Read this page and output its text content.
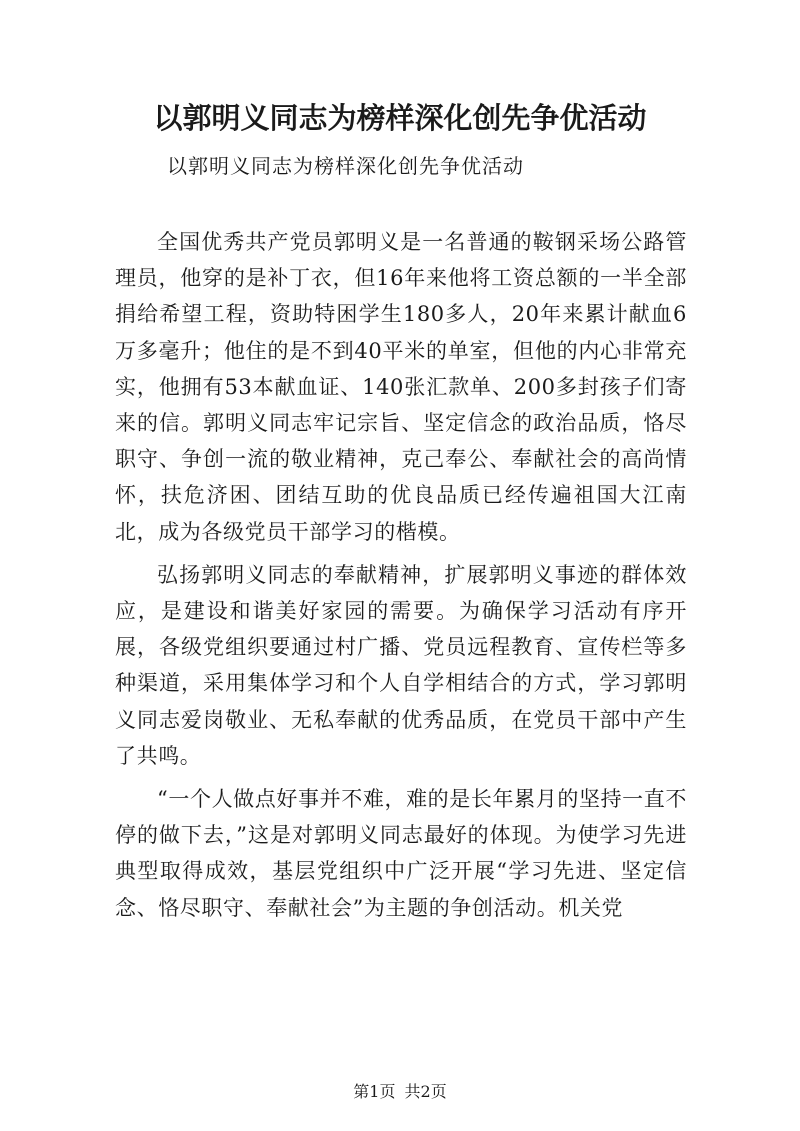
以郭明义同志为榜样深化创先争优活动

以郭明义同志为榜样深化创先争优活动

全国优秀共产党员郭明义是一名普通的鞍钢采场公路管理员，他穿的是补丁衣，但16年来他将工资总额的一半全部捐给希望工程，资助特困学生180多人，20年来累计献血6万多毫升；他住的是不到40平米的单室，但他的内心非常充实，他拥有53本献血证、140张汇款单、200多封孩子们寄来的信。郭明义同志牢记宗旨、坚定信念的政治品质，恪尽职守、争创一流的敬业精神，克己奉公、奉献社会的高尚情怀，扶危济困、团结互助的优良品质已经传遍祖国大江南北，成为各级党员干部学习的楷模。

弘扬郭明义同志的奉献精神，扩展郭明义事迹的群体效应，是建设和谐美好家园的需要。为确保学习活动有序开展，各级党组织要通过村广播、党员远程教育、宣传栏等多种渠道，采用集体学习和个人自学相结合的方式，学习郭明义同志爱岗敬业、无私奉献的优秀品质，在党员干部中产生了共鸣。

“一个人做点好事并不难，难的是长年累月的坚持一直不停的做下去，”这是对郭明义同志最好的体现。为使学习先进典型取得成效，基层党组织中广泛开展“学习先进、坚定信念、恪尽职守、奉献社会”为主题的争创活动。机关党

第1页 共2页
